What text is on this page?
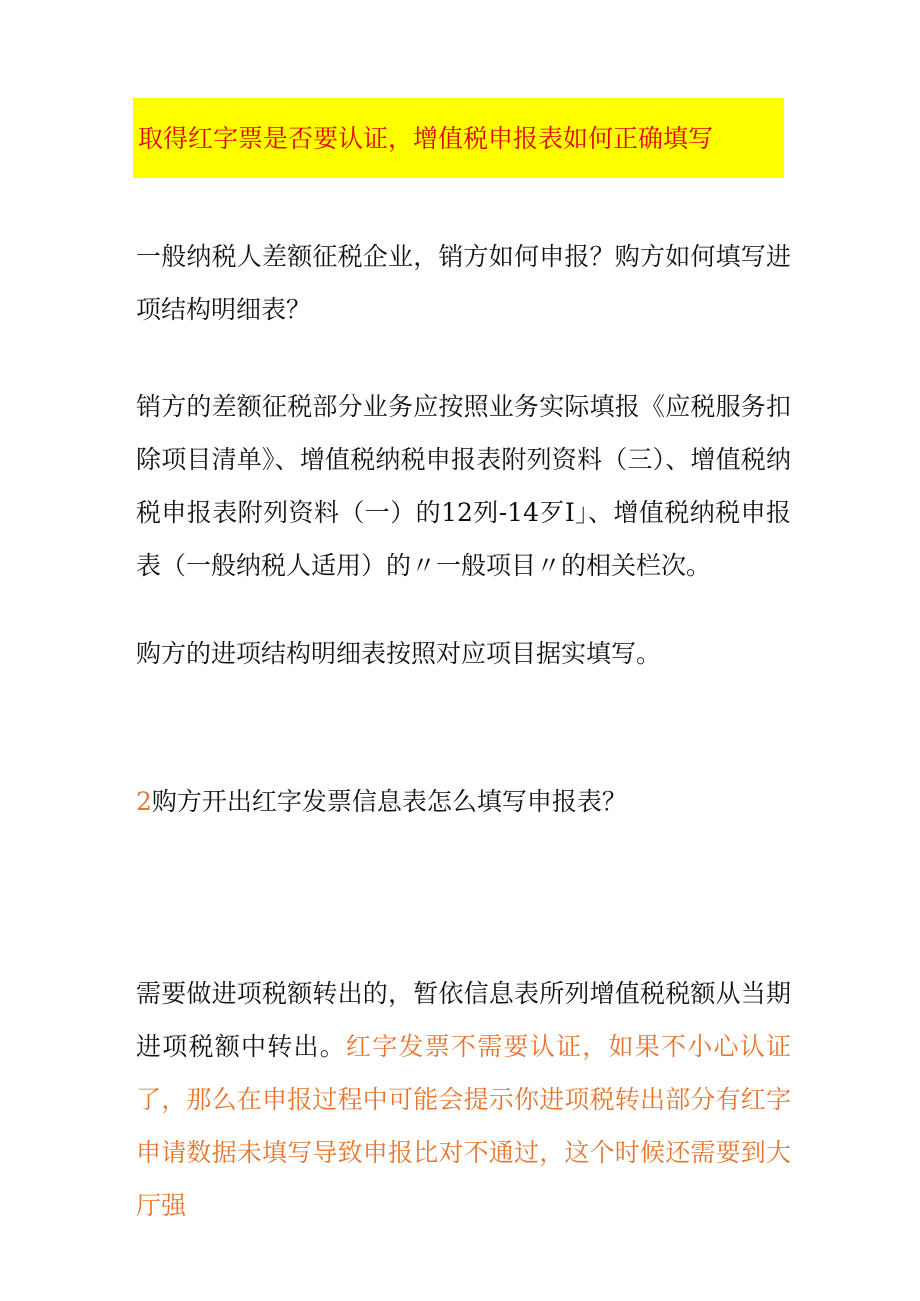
取得红字票是否要认证，增值税申报表如何正确填写

一般纳税人差额征税企业，销方如何申报？购方如何填写进项结构明细表？

销方的差额征税部分业务应按照业务实际填报《应税服务扣除项目清单》、增值税纳税申报表附列资料（三）、增值税纳税申报表附列资料（一）的12列-14歹I」、增值税纳税申报表（一般纳税人适用）的〃一般项目〃的相关栏次。

购方的进项结构明细表按照对应项目据实填写。

2购方开出红字发票信息表怎么填写申报表？

需要做进项税额转出的，暂依信息表所列增值税税额从当期进项税额中转出。红字发票不需要认证，如果不小心认证了，那么在申报过程中可能会提示你进项税转出部分有红字申请数据未填写导致申报比对不通过，这个时候还需要到大厅强
